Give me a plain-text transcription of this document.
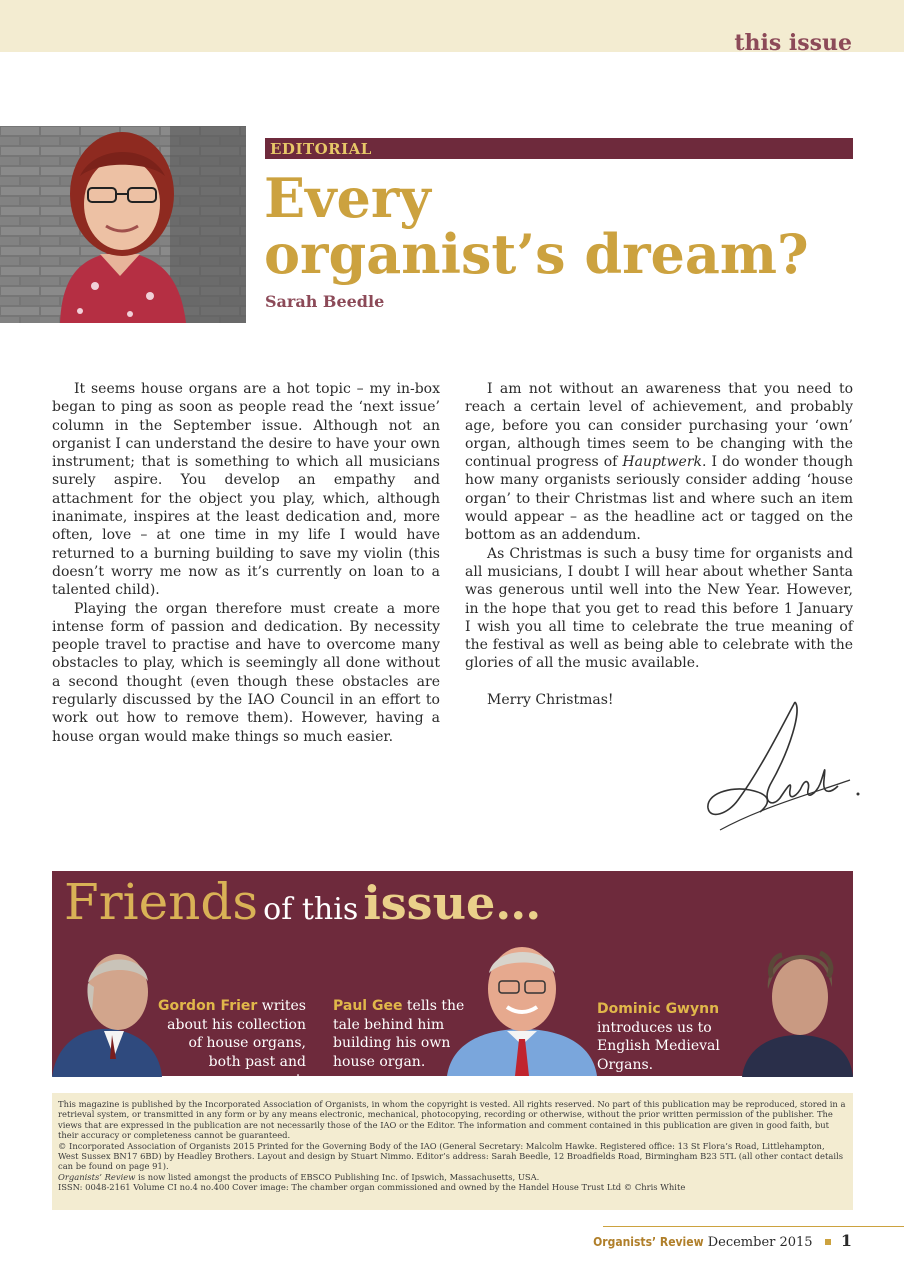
this issue
EDITORIAL
Every
organist’s dream?
Sarah Beedle

It seems house organs are a hot topic – my in-box began to ping as soon as people read the ‘next issue’ column in the September issue. Although not an organist I can understand the desire to have your own instrument; that is something to which all musicians surely aspire. You develop an empathy and attachment for the object you play, which, although inanimate, inspires at the least dedication and, more often, love – at one time in my life I would have returned to a burning building to save my violin (this doesn’t worry me now as it’s currently on loan to a talented child).

Playing the organ therefore must create a more intense form of passion and dedication. By necessity people travel to practise and have to overcome many obstacles to play, which is seemingly all done without a second thought (even though these obstacles are regularly discussed by the IAO Council in an effort to work out how to remove them). However, having a house organ would make things so much easier.

I am not without an awareness that you need to reach a certain level of achievement, and probably age, before you can consider purchasing your ‘own’ organ, although times seem to be changing with the continual progress of Hauptwerk. I do wonder though how many organists seriously consider adding ‘house organ’ to their Christmas list and where such an item would appear – as the headline act or tagged on the bottom as an addendum.

As Christmas is such a busy time for organists and all musicians, I doubt I will hear about whether Santa was generous until well into the New Year. However, in the hope that you get to read this before 1 January I wish you all time to celebrate the true meaning of the festival as well as being able to celebrate with the glories of all the music available.

Merry Christmas!

Friends of this issue…
Gordon Frier writes about his collection of house organs, both past and present.
Paul Gee tells the tale behind him building his own house organ.
Dominic Gwynn introduces us to English Medieval Organs.
This magazine is published by the Incorporated Association of Organists, in whom the copyright is vested. All rights reserved. No part of this publication may be reproduced, stored in a retrieval system, or transmitted in any form or by any means electronic, mechanical, photocopying, recording or otherwise, without the prior written permission of the publisher. The views that are expressed in the publication are not necessarily those of the IAO or the Editor. The information and comment contained in this publication are given in good faith, but their accuracy or completeness cannot be guaranteed.
© Incorporated Association of Organists 2015 Printed for the Governing Body of the IAO (General Secretary: Malcolm Hawke. Registered office: 13 St Flora’s Road, Littlehampton, West Sussex BN17 6BD) by Headley Brothers. Layout and design by Stuart Nimmo. Editor’s address: Sarah Beedle, 12 Broadfields Road, Birmingham B23 5TL (all other contact details can be found on page 91).
Organists’ Review is now listed amongst the products of EBSCO Publishing Inc. of Ipswich, Massachusetts, USA.
ISSN: 0048-2161 Volume CI no.4 no.400 Cover image: The chamber organ commissioned and owned by the Handel House Trust Ltd © Chris White
Organists’ Review December 2015 1
